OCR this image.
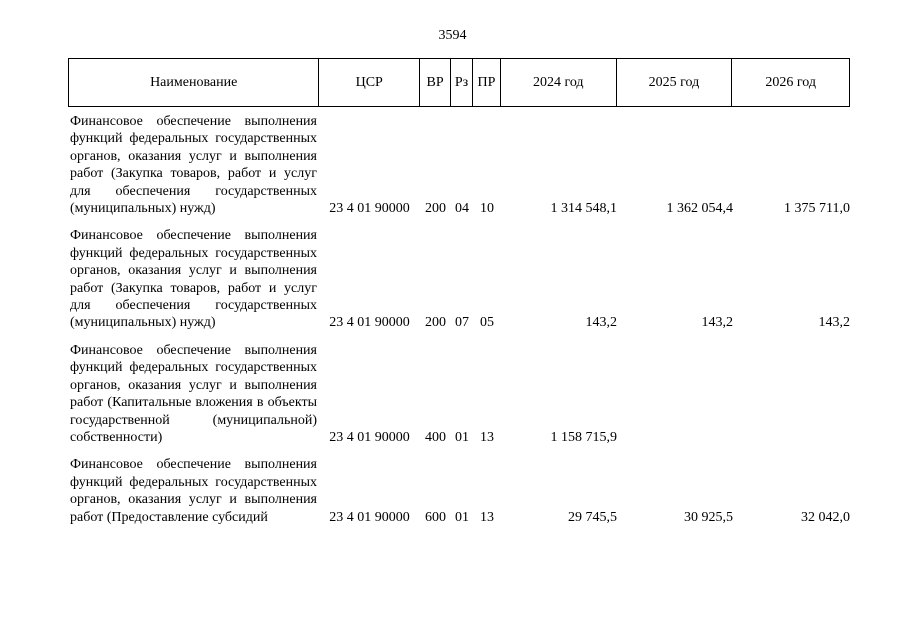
3594
Наименование	ЦСР	ВР Рз ПР	2024 год	2025 год	2026 год
Финансовое обеспечение выполнения функций федеральных государственных органов, оказания услуг и выполнения работ (Закупка товаров, работ и услуг для обеспечения государственных (муниципальных) нужд)	23 4 01 90000 200 04 10	1 314 548,1	1 362 054,4	1 375 711,0
Финансовое обеспечение выполнения функций федеральных государственных органов, оказания услуг и выполнения работ (Закупка товаров, работ и услуг для обеспечения государственных (муниципальных) нужд)	23 4 01 90000 200 07 05	143,2	143,2	143,2
Финансовое обеспечение выполнения функций федеральных государственных органов, оказания услуг и выполнения работ (Капитальные вложения в объекты государственной (муниципальной) собственности)	23 4 01 90000 400 01 13	1 158 715,9
Финансовое обеспечение выполнения функций федеральных государственных органов, оказания услуг и выполнения работ (Предоставление субсидий	23 4 01 90000 600 01 13	29 745,5	30 925,5	32 042,0
